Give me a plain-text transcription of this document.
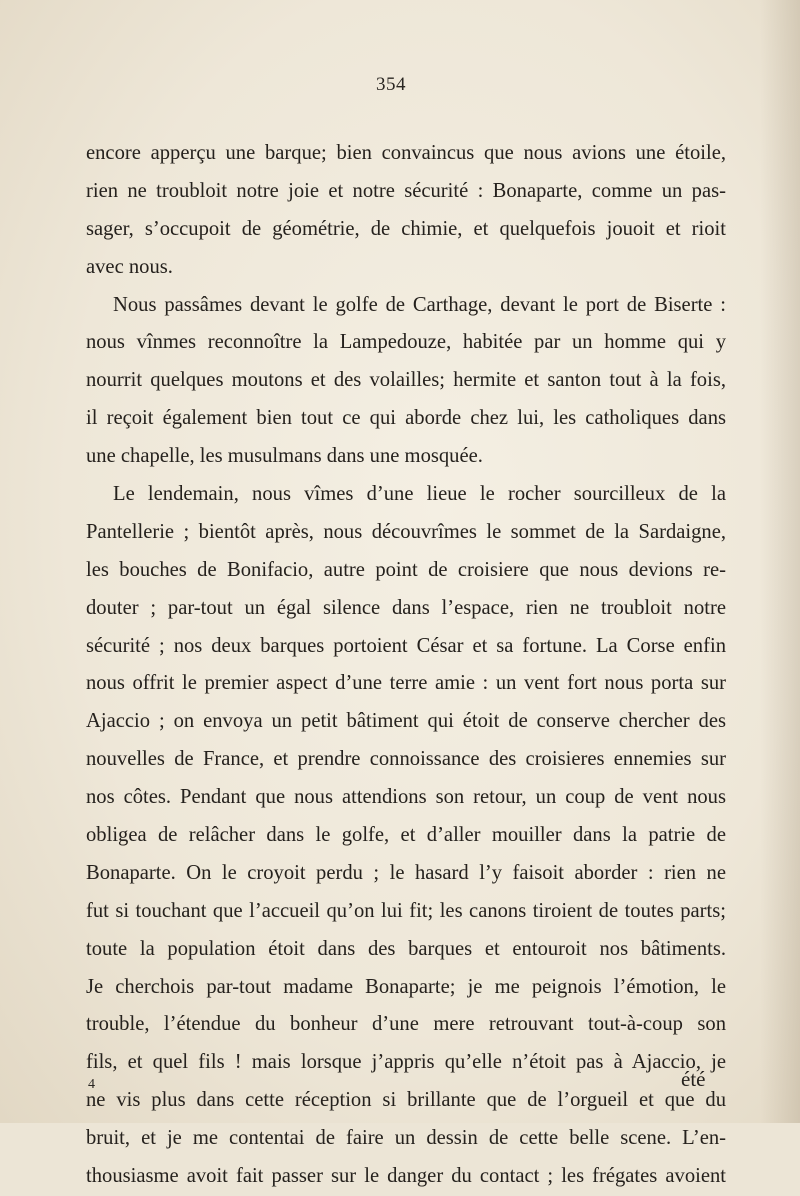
354

encore apperçu une barque; bien convaincus que nous avions une étoile,

rien ne troubloit notre joie et notre sécurité : Bonaparte, comme un pas-

sager, s’occupoit de géométrie, de chimie, et quelquefois jouoit et rioit

avec nous.

Nous passâmes devant le golfe de Carthage, devant le port de Biserte :

nous vînmes reconnoître la Lampedouze, habitée par un homme qui y

nourrit quelques moutons et des volailles; hermite et santon tout à la fois,

il reçoit également bien tout ce qui aborde chez lui, les catholiques dans

une chapelle, les musulmans dans une mosquée.

Le lendemain, nous vîmes d’une lieue le rocher sourcilleux de la

Pantellerie ; bientôt après, nous découvrîmes le sommet de la Sardaigne,

les bouches de Bonifacio, autre point de croisiere que nous devions re-

douter ; par-tout un égal silence dans l’espace, rien ne troubloit notre

sécurité ; nos deux barques portoient César et sa fortune. La Corse enfin

nous offrit le premier aspect d’une terre amie : un vent fort nous porta sur

Ajaccio ; on envoya un petit bâtiment qui étoit de conserve chercher des

nouvelles de France, et prendre connoissance des croisieres ennemies sur

nos côtes. Pendant que nous attendions son retour, un coup de vent nous

obligea de relâcher dans le golfe, et d’aller mouiller dans la patrie de

Bonaparte. On le croyoit perdu ; le hasard l’y faisoit aborder : rien ne

fut si touchant que l’accueil qu’on lui fit; les canons tiroient de toutes parts;

toute la population étoit dans des barques et entouroit nos bâtiments.

Je cherchois par-tout madame Bonaparte; je me peignois l’émotion, le

trouble, l’étendue du bonheur d’une mere retrouvant tout-à-coup son

fils, et quel fils ! mais lorsque j’appris qu’elle n’étoit pas à Ajaccio, je

ne vis plus dans cette réception si brillante que de l’orgueil et que du

bruit, et je me contentai de faire un dessin de cette belle scene. L’en-

thousiasme avoit fait passer sur le danger du contact ; les frégates avoient

4	été
